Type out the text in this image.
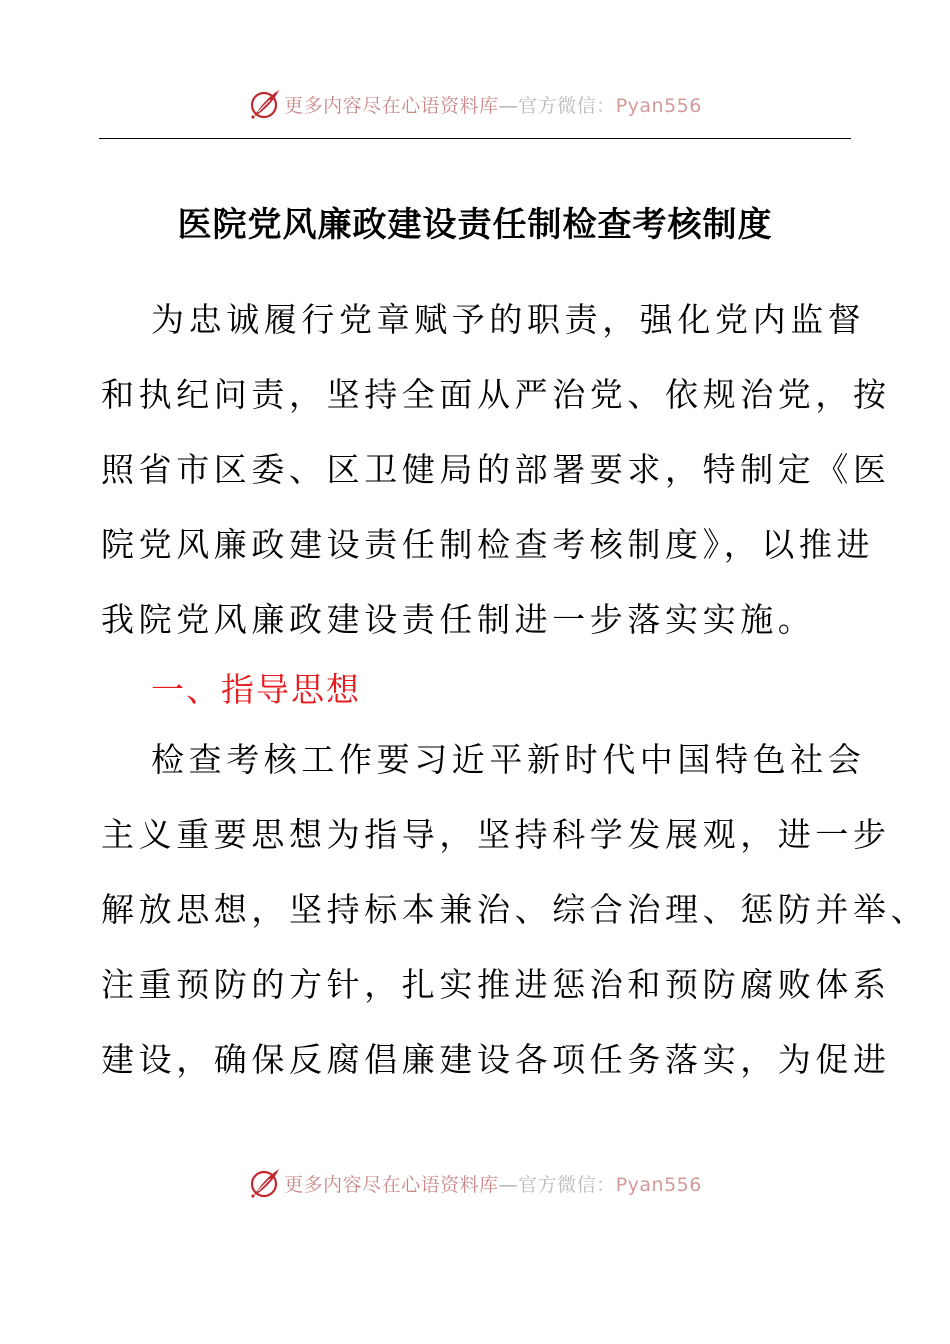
更多内容尽在心语资料库—官方微信：Pyan556
医院党风廉政建设责任制检查考核制度

为忠诚履行党章赋予的职责，强化党内监督

和执纪问责，坚持全面从严治党、依规治党，按

照省市区委、区卫健局的部署要求，特制定《医

院党风廉政建设责任制检查考核制度》，以推进

我院党风廉政建设责任制进一步落实实施。

一、指导思想

检查考核工作要习近平新时代中国特色社会

主义重要思想为指导，坚持科学发展观，进一步

解放思想，坚持标本兼治、综合治理、惩防并举、

注重预防的方针，扎实推进惩治和预防腐败体系

建设，确保反腐倡廉建设各项任务落实，为促进

更多内容尽在心语资料库—官方微信：Pyan556
